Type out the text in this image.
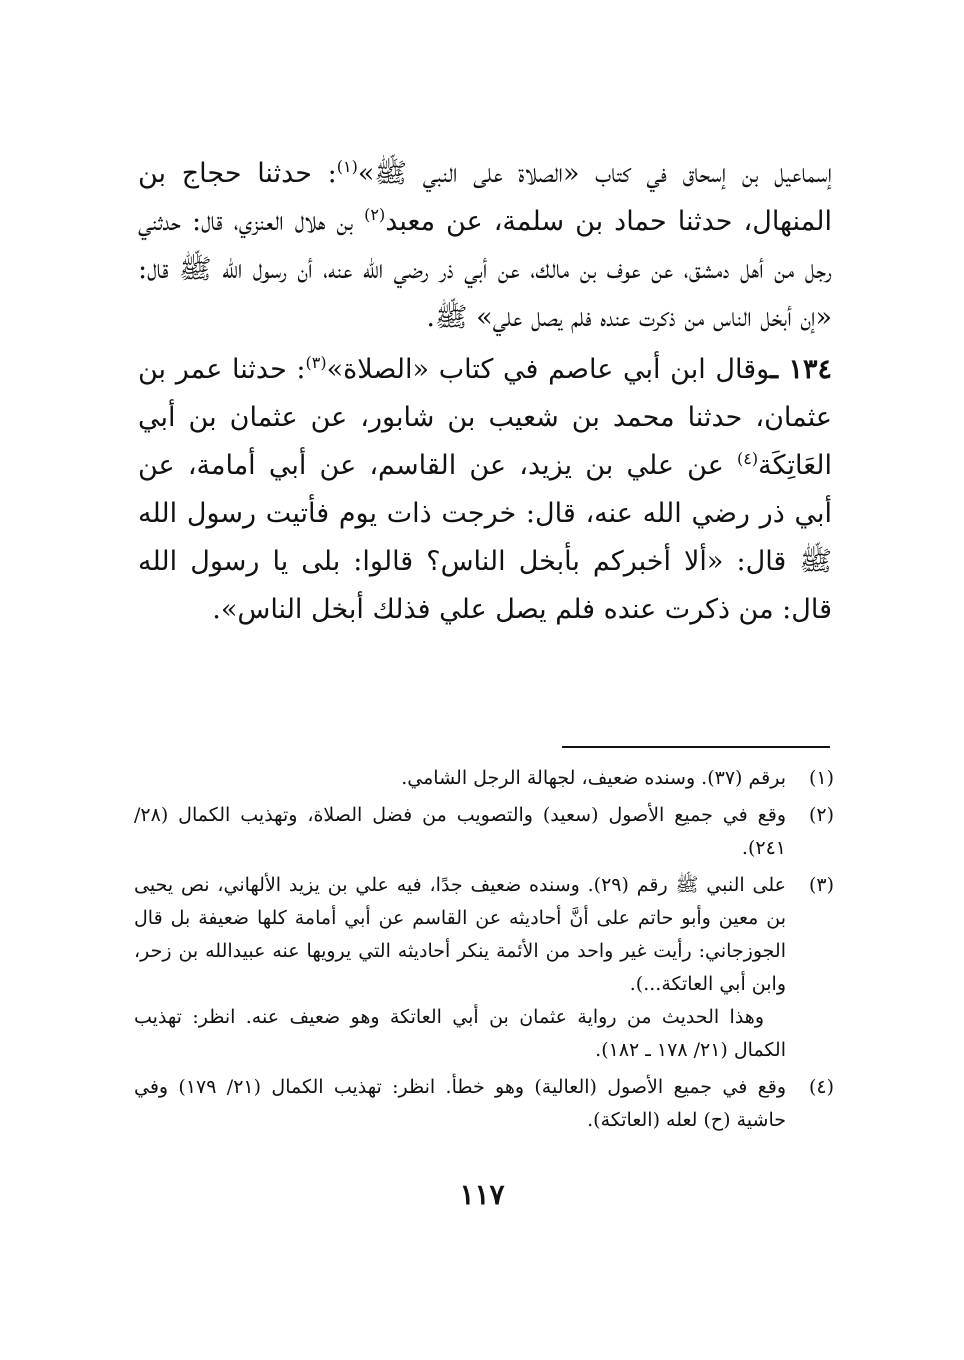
إسماعيل بن إسحاق في كتاب «الصلاة على النبي ﷺ»$^{(١)}$: حدثنا حجاج بن المنهال، حدثنا حماد بن سلمة، عن معبد$^{(٢)}$ بن هلال العنزي، قال: حدثني رجل من أهل دمشق، عن عوف بن مالك، عن أبي ذر رضي الله عنه، أن رسول الله ﷺ قال: «إن أبخل الناس من ذكرت عنده فلم يصل علي» ﷺ.

١٣٤ ـوقال ابن أبي عاصم في كتاب «الصلاة»$^{(٣)}$: حدثنا عمر بن عثمان، حدثنا محمد بن شعيب بن شابور، عن عثمان بن أبي العَاتِكَة$^{(٤)}$ عن علي بن يزيد، عن القاسم، عن أبي أمامة، عن أبي ذر رضي الله عنه، قال: خرجت ذات يوم فأتيت رسول الله ﷺ قال: «ألا أخبركم بأبخل الناس؟ قالوا: بلى يا رسول الله قال: من ذكرت عنده فلم يصل علي فذلك أبخل الناس».

(١)

برقم (٣٧). وسنده ضعيف، لجهالة الرجل الشامي.

(٢)

وقع في جميع الأصول (سعيد) والتصويب من فضل الصلاة، وتهذيب الكمال (٢٨/ ٢٤١).

(٣)

على النبي ﷺ رقم (٢٩). وسنده ضعيف جدًا، فيه علي بن يزيد الألهاني، نص يحيى بن معين وأبو حاتم على أنَّ أحاديثه عن القاسم عن أبي أمامة كلها ضعيفة بل قال الجوزجاني: رأيت غير واحد من الأئمة ينكر أحاديثه التي يرويها عنه عبيدالله بن زحر، وابن أبي العاتكة...).

وهذا الحديث من رواية عثمان بن أبي العاتكة وهو ضعيف عنه. انظر: تهذيب الكمال (٢١/ ١٧٨ ـ ١٨٢).

(٤)

وقع في جميع الأصول (العالية) وهو خطأ. انظر: تهذيب الكمال (٢١/ ١٧٩) وفي حاشية (ح) لعله (العاتكة).

١١٧
